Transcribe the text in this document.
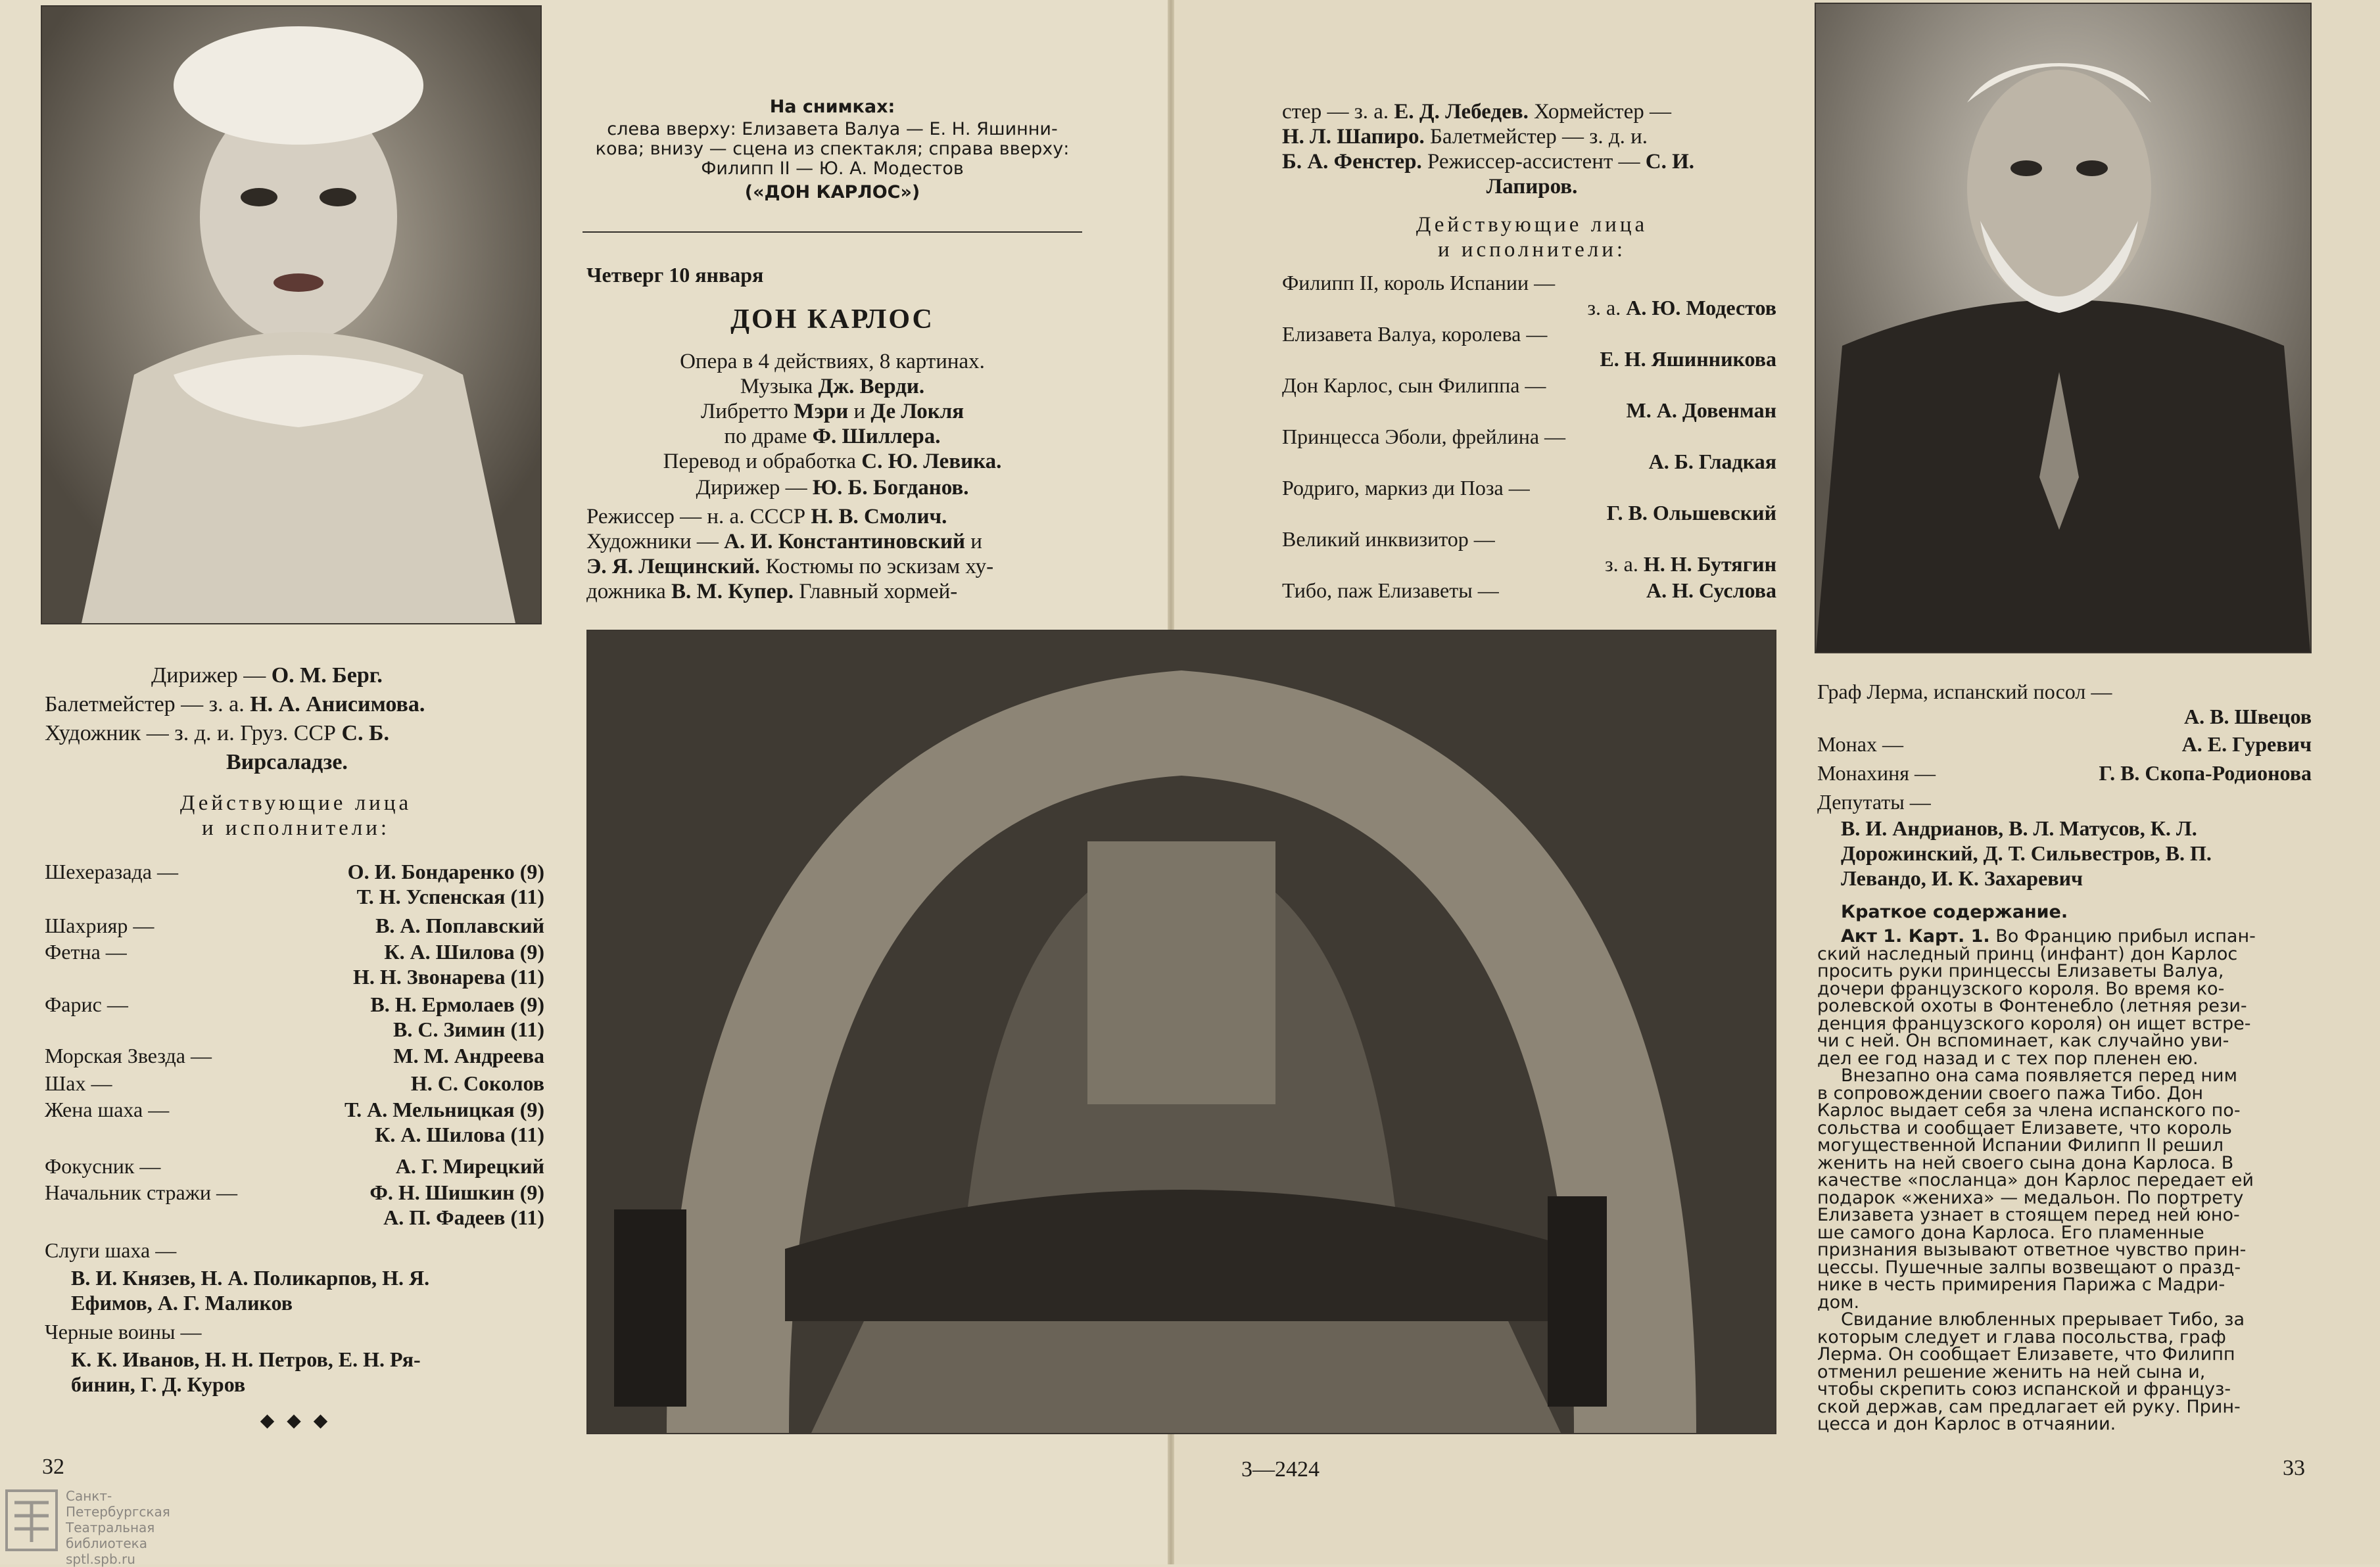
Дирижер — О. М. Берг.
Балетмейстер — з. а. Н. А. Анисимова.
Художник — з. д. и. Груз. ССР С. Б.
Вирсаладзе.
Действующие лица
и исполнители:
Шехеразада —	О. И. Бондаренко (9)
Т. Н. Успенская (11)
Шахрияр —	В. А. Поплавский
Фетна —	К. А. Шилова (9)
Н. Н. Звонарева (11)
Фарис —	В. Н. Ермолаев (9)
В. С. Зимин (11)
Морская Звезда —	М. М. Андреева
Шах —	Н. С. Соколов
Жена шаха —	Т. А. Мельницкая (9)
К. А. Шилова (11)
Фокусник —	А. Г. Мирецкий
Начальник стражи —	Ф. Н. Шишкин (9)
А. П. Фадеев (11)
Слуги шаха —
В. И. Князев, Н. А. Поликарпов, Н. Я.
Ефимов, А. Г. Маликов
Черные воины —
К. К. Иванов, Н. Н. Петров, Е. Н. Ря-
бинин, Г. Д. Куров
◆ ◆ ◆
32
На снимках:
слева вверху: Елизавета Валуа — Е. Н. Яшинни-
кова; внизу — сцена из спектакля; справа вверху:
Филипп II — Ю. А. Модестов
(«ДОН КАРЛОС»)
Четверг 10 января
ДОН КАРЛОС
Опера в 4 действиях, 8 картинах.
Музыка Дж. Верди.
Либретто Мэри и Де Локля
по драме Ф. Шиллера.
Перевод и обработка С. Ю. Левика.
Дирижер — Ю. Б. Богданов.
Режиссер — н. а. СССР Н. В. Смолич.
Художники — А. И. Константиновский и
Э. Я. Лещинский. Костюмы по эскизам ху-
дожника В. М. Купер. Главный хормей-
стер — з. а. Е. Д. Лебедев. Хормейстер —
Н. Л. Шапиро. Балетмейстер — з. д. и.
Б. А. Фенстер. Режиссер-ассистент — С. И.
Лапиров.
Действующие лица
и исполнители:
Филипп II, король Испании —
з. а. А. Ю. Модестов
Елизавета Валуа, королева —
Е. Н. Яшинникова
Дон Карлос, сын Филиппа —
М. А. Довенман
Принцесса Эболи, фрейлина —
А. Б. Гладкая
Родриго, маркиз ди Поза —
Г. В. Ольшевский
Великий инквизитор —
з. а. Н. Н. Бутягин
Тибо, паж Елизаветы —	А. Н. Суслова
Граф Лерма, испанский посол —
А. В. Швецов
Монах —	А. Е. Гуревич
Монахиня —	Г. В. Скопа-Родионова
Депутаты —
В. И. Андрианов, В. Л. Матусов, К. Л.
Дорожинский, Д. Т. Сильвестров, В. П.
Левандо, И. К. Захаревич
Краткое содержание.
Акт 1. Карт. 1. Во Францию прибыл испан-
ский наследный принц (инфант) дон Карлос
просить руки принцессы Елизаветы Валуа,
дочери французского короля. Во время ко-
ролевской охоты в Фонтенебло (летняя рези-
денция французского короля) он ищет встре-
чи с ней. Он вспоминает, как случайно уви-
дел ее год назад и с тех пор пленен ею.
Внезапно она сама появляется перед ним
в сопровождении своего пажа Тибо. Дон
Карлос выдает себя за члена испанского по-
сольства и сообщает Елизавете, что король
могущественной Испании Филипп II решил
женить на ней своего сына дона Карлоса. В
качестве «посланца» дон Карлос передает ей
подарок «жениха» — медальон. По портрету
Елизавета узнает в стоящем перед ней юно-
ше самого дона Карлоса. Его пламенные
признания вызывают ответное чувство прин-
цессы. Пушечные залпы возвещают о празд-
нике в честь примирения Парижа с Мадри-
дом.
Свидание влюбленных прерывает Тибо, за
которым следует и глава посольства, граф
Лерма. Он сообщает Елизавете, что Филипп
отменил решение женить на ней сына и,
чтобы скрепить союз испанской и француз-
ской держав, сам предлагает ей руку. Прин-
цесса и дон Карлос в отчаянии.
3—2424	33
Санкт-Петербургская
Театральная
библиотека
sptl.spb.ru
